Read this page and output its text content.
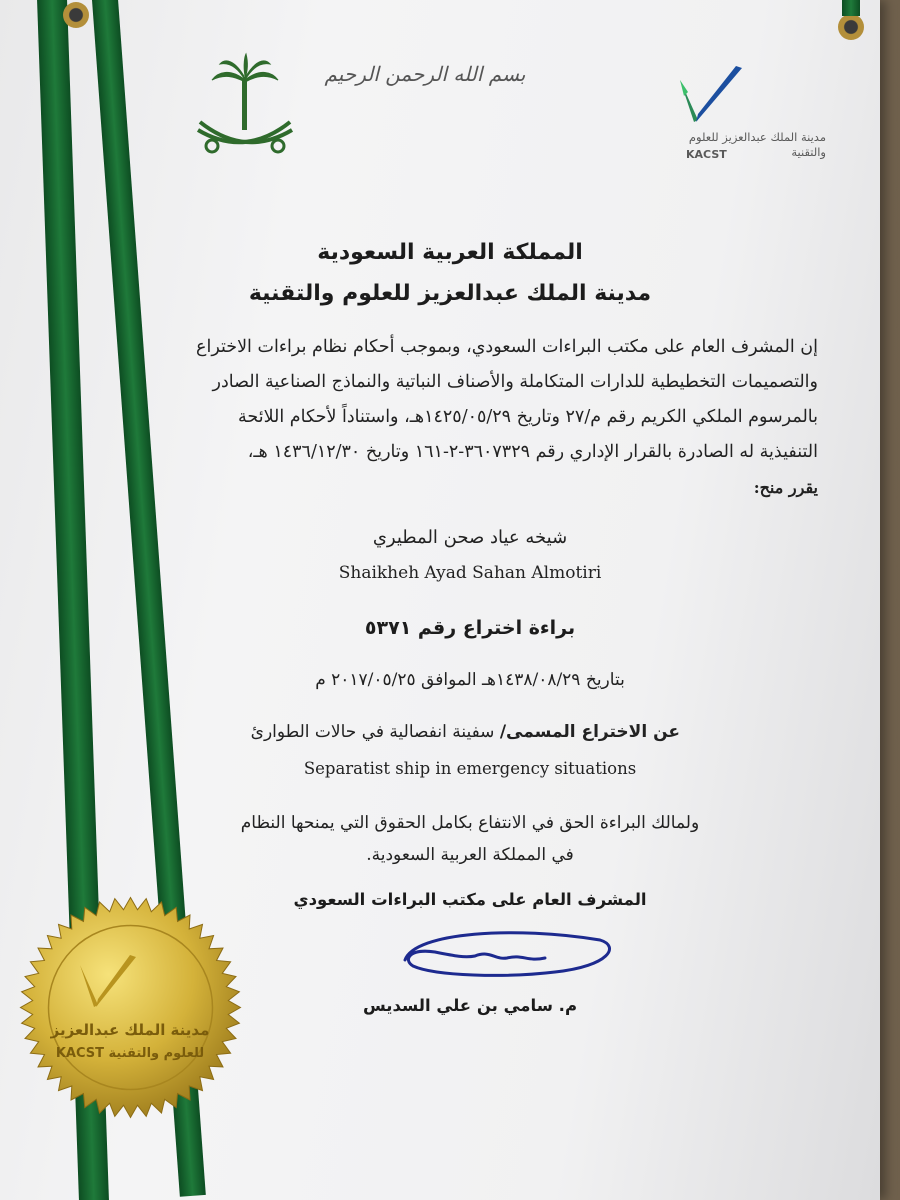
بسم الله الرحمن الرحيم
مدينة الملك عبدالعزيز للعلوم والتقنية
KACST
المملكة العربية السعودية
مدينة الملك عبدالعزيز للعلوم والتقنية
إن المشرف العام على مكتب البراءات السعودي، وبموجب أحكام نظام براءات الاختراع
والتصميمات التخطيطية للدارات المتكاملة والأصناف النباتية والنماذج الصناعية الصادر
بالمرسوم الملكي الكريم رقم م/٢٧ وتاريخ ١٤٢٥/٠٥/٢٩هـ، واستناداً لأحكام اللائحة
التنفيذية له الصادرة بالقرار الإداري رقم ٣٦٠٧٣٢٩-٢-١٦١ وتاريخ ١٤٣٦/١٢/٣٠ هـ،
يقرر منح:
شيخه عياد صحن المطيري
Shaikheh Ayad Sahan Almotiri
براءة اختراع رقم ٥٣٧١
بتاريخ ١٤٣٨/٠٨/٢٩هـ الموافق ٢٠١٧/٠٥/٢٥ م
عن الاختراع المسمى/ سفينة انفصالية في حالات الطوارئ
Separatist ship in emergency situations
ولمالك البراءة الحق في الانتفاع بكامل الحقوق التي يمنحها النظام
في المملكة العربية السعودية.
المشرف العام على مكتب البراءات السعودي
م. سامي بن علي السديس
مدينة الملك عبدالعزيز
للعلوم والتقنية KACST
